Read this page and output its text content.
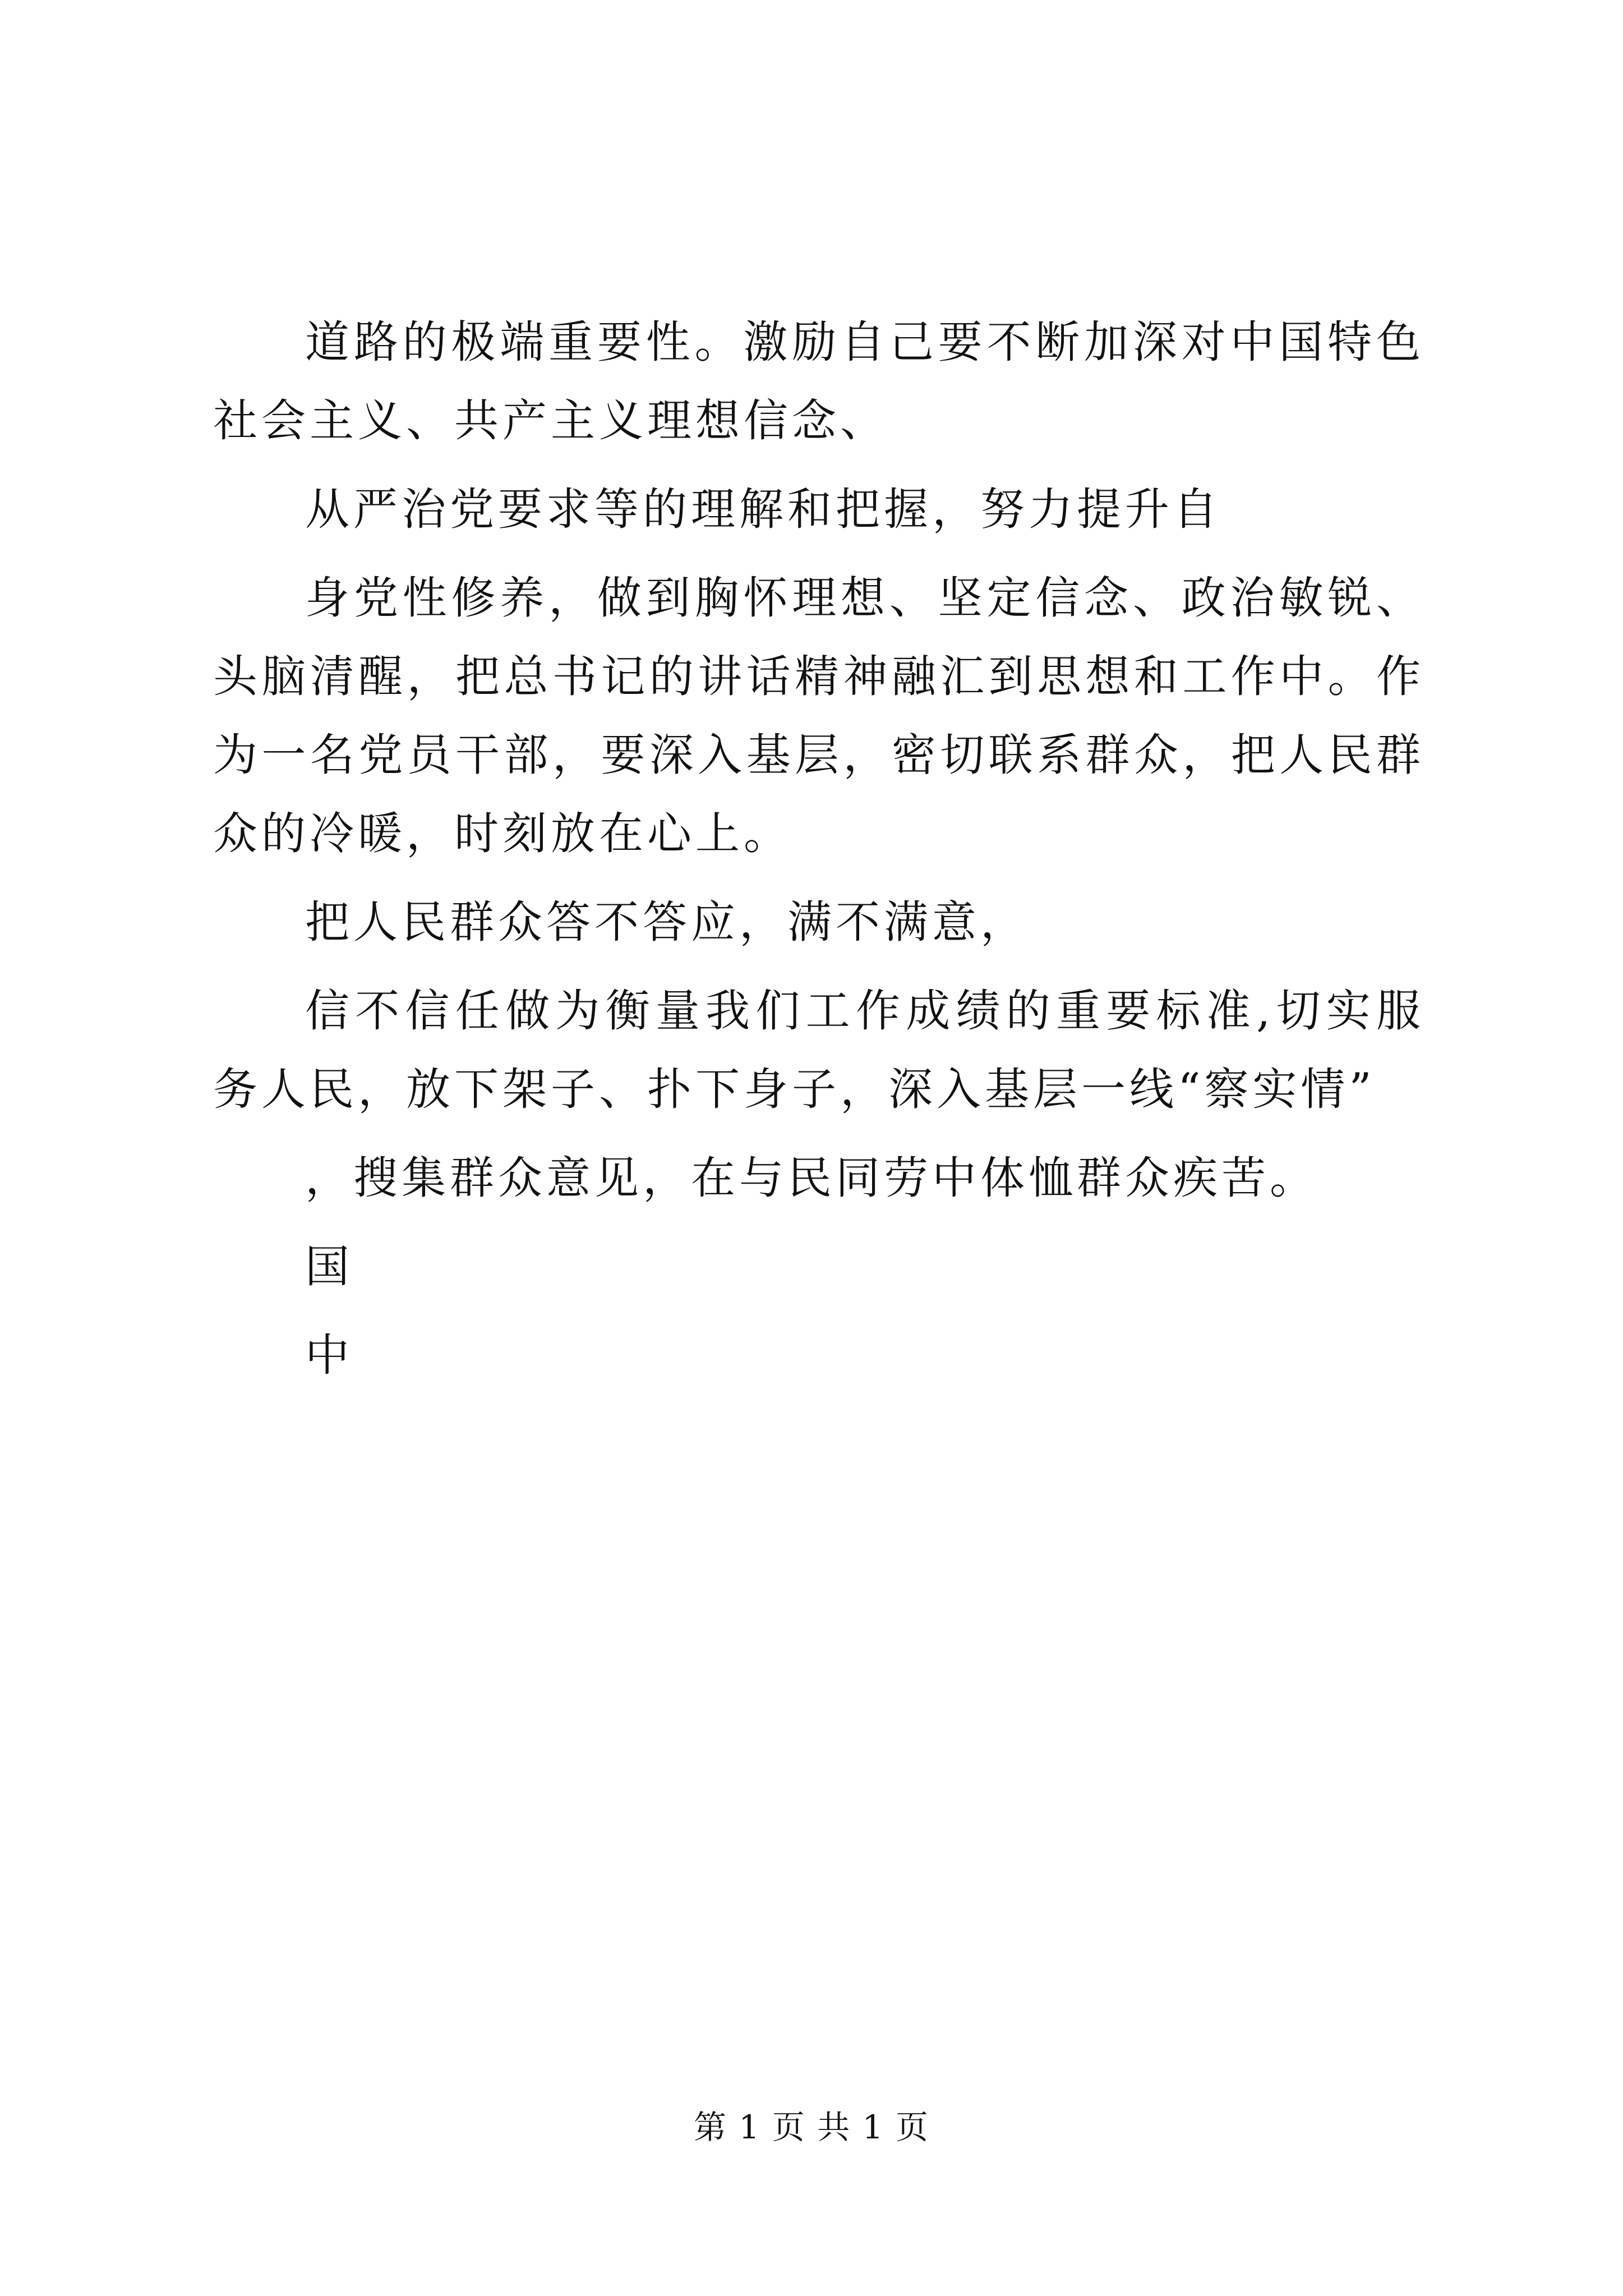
道路的极端重要性。激励自己要不断加深对中国特色社会主义、共产主义理想信念、

从严治党要求等的理解和把握，努力提升自

身党性修养，做到胸怀理想、坚定信念、政治敏锐、头脑清醒，把总书记的讲话精神融汇到思想和工作中。作为一名党员干部，要深入基层，密切联系群众，把人民群众的冷暖，时刻放在心上。

把人民群众答不答应，满不满意，

信不信任做为衡量我们工作成绩的重要标准,切实服务人民，放下架子、扑下身子，深入基层一线“察实情”

，搜集群众意见，在与民同劳中体恤群众疾苦。

国

中

第 1 页 共 1 页
